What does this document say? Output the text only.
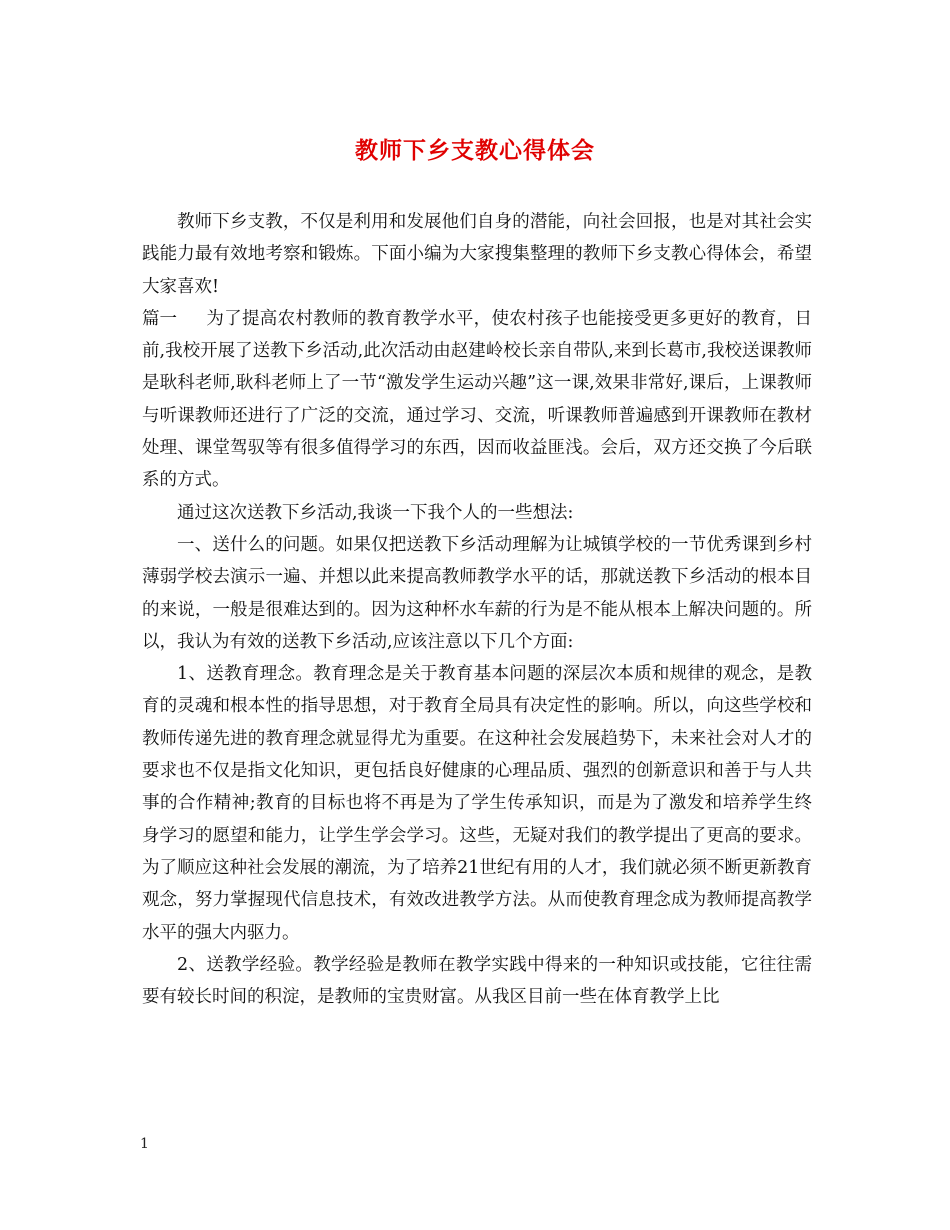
教师下乡支教心得体会

教师下乡支教，不仅是利用和发展他们自身的潜能，向社会回报，也是对其社会实践能力最有效地考察和锻炼。下面小编为大家搜集整理的教师下乡支教心得体会，希望大家喜欢!

篇一 为了提高农村教师的教育教学水平，使农村孩子也能接受更多更好的教育，日前,我校开展了送教下乡活动,此次活动由赵建岭校长亲自带队,来到长葛市,我校送课教师是耿科老师,耿科老师上了一节“激发学生运动兴趣”这一课,效果非常好,课后，上课教师与听课教师还进行了广泛的交流，通过学习、交流，听课教师普遍感到开课教师在教材处理、课堂驾驭等有很多值得学习的东西，因而收益匪浅。会后，双方还交换了今后联系的方式。

通过这次送教下乡活动,我谈一下我个人的一些想法:

一、送什么的问题。如果仅把送教下乡活动理解为让城镇学校的一节优秀课到乡村薄弱学校去演示一遍、并想以此来提高教师教学水平的话，那就送教下乡活动的根本目的来说，一般是很难达到的。因为这种杯水车薪的行为是不能从根本上解决问题的。所以，我认为有效的送教下乡活动,应该注意以下几个方面:

1、送教育理念。教育理念是关于教育基本问题的深层次本质和规律的观念，是教育的灵魂和根本性的指导思想，对于教育全局具有决定性的影响。所以，向这些学校和教师传递先进的教育理念就显得尤为重要。在这种社会发展趋势下，未来社会对人才的要求也不仅是指文化知识，更包括良好健康的心理品质、强烈的创新意识和善于与人共事的合作精神;教育的目标也将不再是为了学生传承知识，而是为了激发和培养学生终身学习的愿望和能力，让学生学会学习。这些，无疑对我们的教学提出了更高的要求。为了顺应这种社会发展的潮流，为了培养21世纪有用的人才，我们就必须不断更新教育观念，努力掌握现代信息技术，有效改进教学方法。从而使教育理念成为教师提高教学水平的强大内驱力。

2、送教学经验。教学经验是教师在教学实践中得来的一种知识或技能，它往往需要有较长时间的积淀，是教师的宝贵财富。从我区目前一些在体育教学上比

1
